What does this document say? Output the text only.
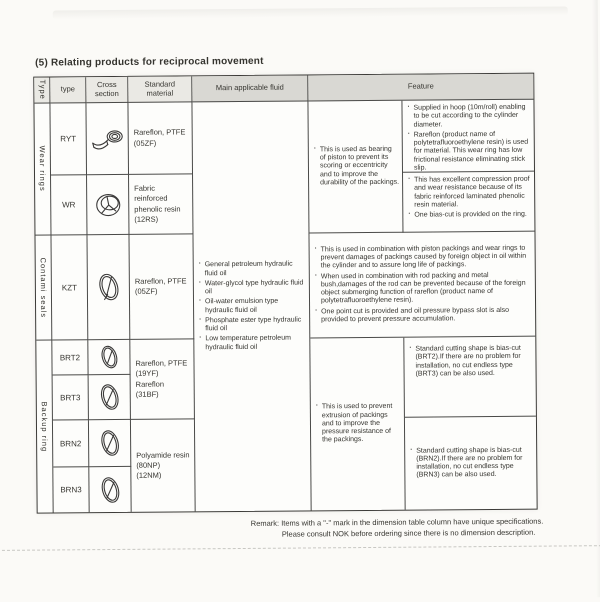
(5) Relating products for reciprocal movement
Type	type
Cross
section
Standard
material
Main applicable fluid	Feature
Wear rings
Contami seals
Backup ring
RYT
WR
KZT
BRT2
BRT3
BRN2
BRN3
Rareflon, PTFE
(05ZF)
Fabric reinforced
phenolic resin
(12RS)
Rareflon, PTFE
(05ZF)
Rareflon, PTFE
(19YF)
Rareflon
(31BF)
Polyamide resin
(80NP)
(12NM)
· General petroleum hydraulic fluid oil
· Water-glycol type hydraulic fluid oil
· Oil-water emulsion type hydraulic fluid oil
· Phosphate ester type hydraulic fluid oil
· Low temperature petroleum hydraulic fluid oil
· This is used as bearing of piston to prevent its scoring or eccentricity and to improve the durability of the packings.
· Supplied in hoop (10m/roll) enabling to be cut according to the cylinder diameter.
· Rareflon (product name of polytetrafluoroethylene resin) is used for material. This wear ring has low frictional resistance eliminating stick slip.
· This has excellent compression proof and wear resistance because of its fabric reinforced laminated phenolic resin material.
· One bias-cut is provided on the ring.
· This is used in combination with piston packings and wear rings to prevent damages of packings caused by foreign object in oil within the cylinder and to assure long life of packings.
· When used in combination with rod packing and metal bush,damages of the rod can be prevented because of the foreign object submerging function of rareflon (product name of polytetrafluoroethylene resin).
· One point cut is provided and oil pressure bypass slot is also provided to prevent pressure accumulation.
· This is used to prevent extrusion of packings and to improve the pressure resistance of the packings.
· Standard cutting shape is bias-cut (BRT2).If there are no problem for installation, no cut endless type (BRT3) can be also used.
· Standard cutting shape is bias-cut (BRN2).If there are no problem for installation, no cut endless type (BRN3) can be also used.
Remark: Items with a "-" mark in the dimension table column have unique specifications.
Please consult NOK before ordering since there is no dimension description.
